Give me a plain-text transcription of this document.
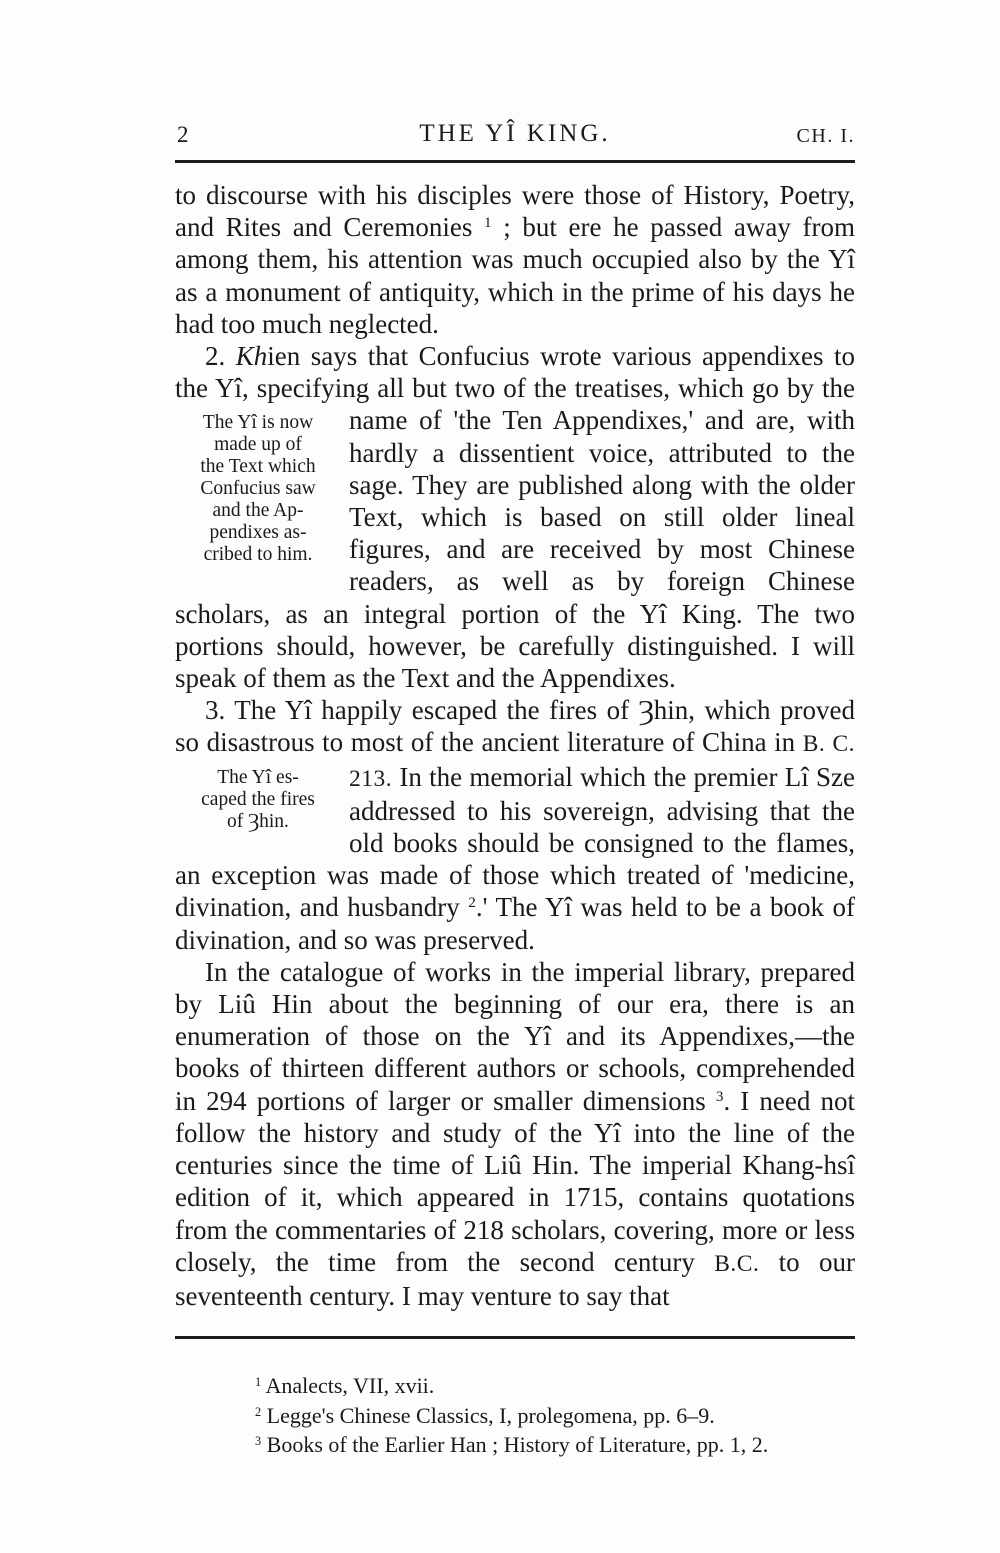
2	THE YÎ KING.	CH. I.

to discourse with his disciples were those of History, Poetry, and Rites and Ceremonies $^1$ ; but ere he passed away from among them, his attention was much occupied also by the Yî as a monument of antiquity, which in the prime of his days he had too much neglected.

2. Khien says that Confucius wrote various appendixes to the Yî, specifying all but two of the treatises, which go
The Yî is now
made up of
the Text which
Confucius saw
and the Ap-
pendixes as-
cribed to him.
by the name of 'the Ten Appendixes,' and are, with hardly a dissentient voice, attributed to the sage. They are published along with the older Text, which is based on still older lineal figures, and are received by most Chinese readers, as well as by foreign Chinese scholars, as an integral portion of the Yî King. The two portions should, however, be carefully distinguished. I will speak of them as the Text and the Appendixes.

3. The Yî happily escaped the fires of Ȝhin, which proved so disastrous to most of the ancient literature of China in
The Yî es-
caped the fires
of Ȝhin.
B. C. 213. In the memorial which the premier Lî Sze addressed to his sovereign, advising that the old books should be consigned to the flames, an exception was made of those which treated of 'medicine, divination, and husbandry $^2$.' The Yî was held to be a book of divination, and so was preserved.

In the catalogue of works in the imperial library, prepared by Liû Hin about the beginning of our era, there is an enumeration of those on the Yî and its Appendixes,—the books of thirteen different authors or schools, comprehended in 294 portions of larger or smaller dimensions $^3$. I need not follow the history and study of the Yî into the line of the centuries since the time of Liû Hin. The imperial Khang-hsî edition of it, which appeared in 1715, contains quotations from the commentaries of 218 scholars, covering, more or less closely, the time from the second century B.C. to our seventeenth century. I may venture to say that

$^1$ Analects, VII, xvii.

$^2$ Legge's Chinese Classics, I, prolegomena, pp. 6–9.

$^3$ Books of the Earlier Han ; History of Literature, pp. 1, 2.
